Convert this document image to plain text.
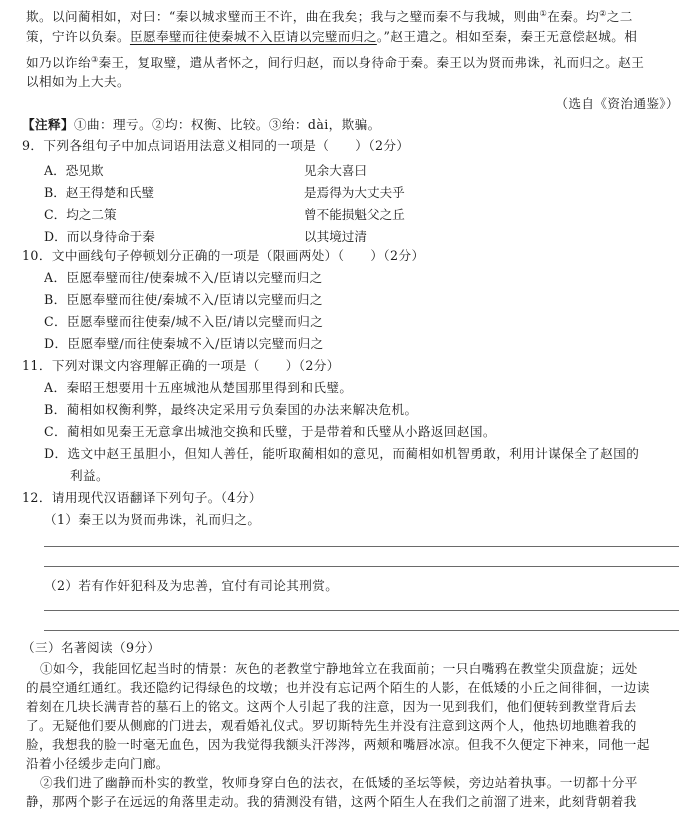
欺。以问蔺相如，对曰：“秦以城求璧而王不许，曲在我矣；我与之璧而秦不与我城，则曲①在秦。均②之二
策，宁许以负秦。臣愿奉璧而往使秦城不入臣请以完璧而归之。”赵王遣之。相如至秦，秦王无意偿赵城。相
如乃以诈绐③秦王，复取璧，遣从者怀之，间行归赵，而以身待命于秦。秦王以为贤而弗诛，礼而归之。赵王
以相如为上大夫。
（选自《资治通鉴》）
【注释】①曲：理亏。②均：权衡、比较。③绐：dài，欺骗。
9．下列各组句子中加点词语用法意义相同的一项是（　　）（2分）
A．恐见欺	见余大喜曰
B．赵王得楚和氏璧	是焉得为大丈夫乎
C．均之二策	曾不能损魁父之丘
D．而以身待命于秦	以其境过清
10．文中画线句子停顿划分正确的一项是（限画两处）（　　）（2分）
A．臣愿奉璧而往/使秦城不入/臣请以完璧而归之
B．臣愿奉璧而往使/秦城不入/臣请以完璧而归之
C．臣愿奉璧而往使秦/城不入臣/请以完璧而归之
D．臣愿奉璧/而往使秦城不入/臣请以完璧而归之
11．下列对课文内容理解正确的一项是（　　）（2分）
A．秦昭王想要用十五座城池从楚国那里得到和氏璧。
B．蔺相如权衡利弊，最终决定采用亏负秦国的办法来解决危机。
C．蔺相如见秦王无意拿出城池交换和氏璧，于是带着和氏璧从小路返回赵国。
D．选文中赵王虽胆小，但知人善任，能听取蔺相如的意见，而蔺相如机智勇敢，利用计谋保全了赵国的
利益。
12．请用现代汉语翻译下列句子。（4分）
（1）秦王以为贤而弗诛，礼而归之。
（2）若有作奸犯科及为忠善，宜付有司论其刑赏。
（三）名著阅读（9分）
①如今，我能回忆起当时的情景：灰色的老教堂宁静地耸立在我面前；一只白嘴鸦在教堂尖顶盘旋；远处
的晨空通红通红。我还隐约记得绿色的坟墩；也并没有忘记两个陌生的人影，在低矮的小丘之间徘徊，一边读
着刻在几块长满青苔的墓石上的铭文。这两个人引起了我的注意，因为一见到我们，他们便转到教堂背后去
了。无疑他们要从侧廊的门进去，观看婚礼仪式。罗切斯特先生并没有注意到这两个人，他热切地瞧着我的
脸，我想我的脸一时毫无血色，因为我觉得我额头汗涔涔，两颊和嘴唇冰凉。但我不久便定下神来，同他一起
沿着小径缓步走向门廊。
②我们进了幽静而朴实的教堂，牧师身穿白色的法衣，在低矮的圣坛等候，旁边站着执事。一切都十分平
静，那两个影子在远远的角落里走动。我的猜测没有错，这两个陌生人在我们之前溜了进来，此刻背朝着我
